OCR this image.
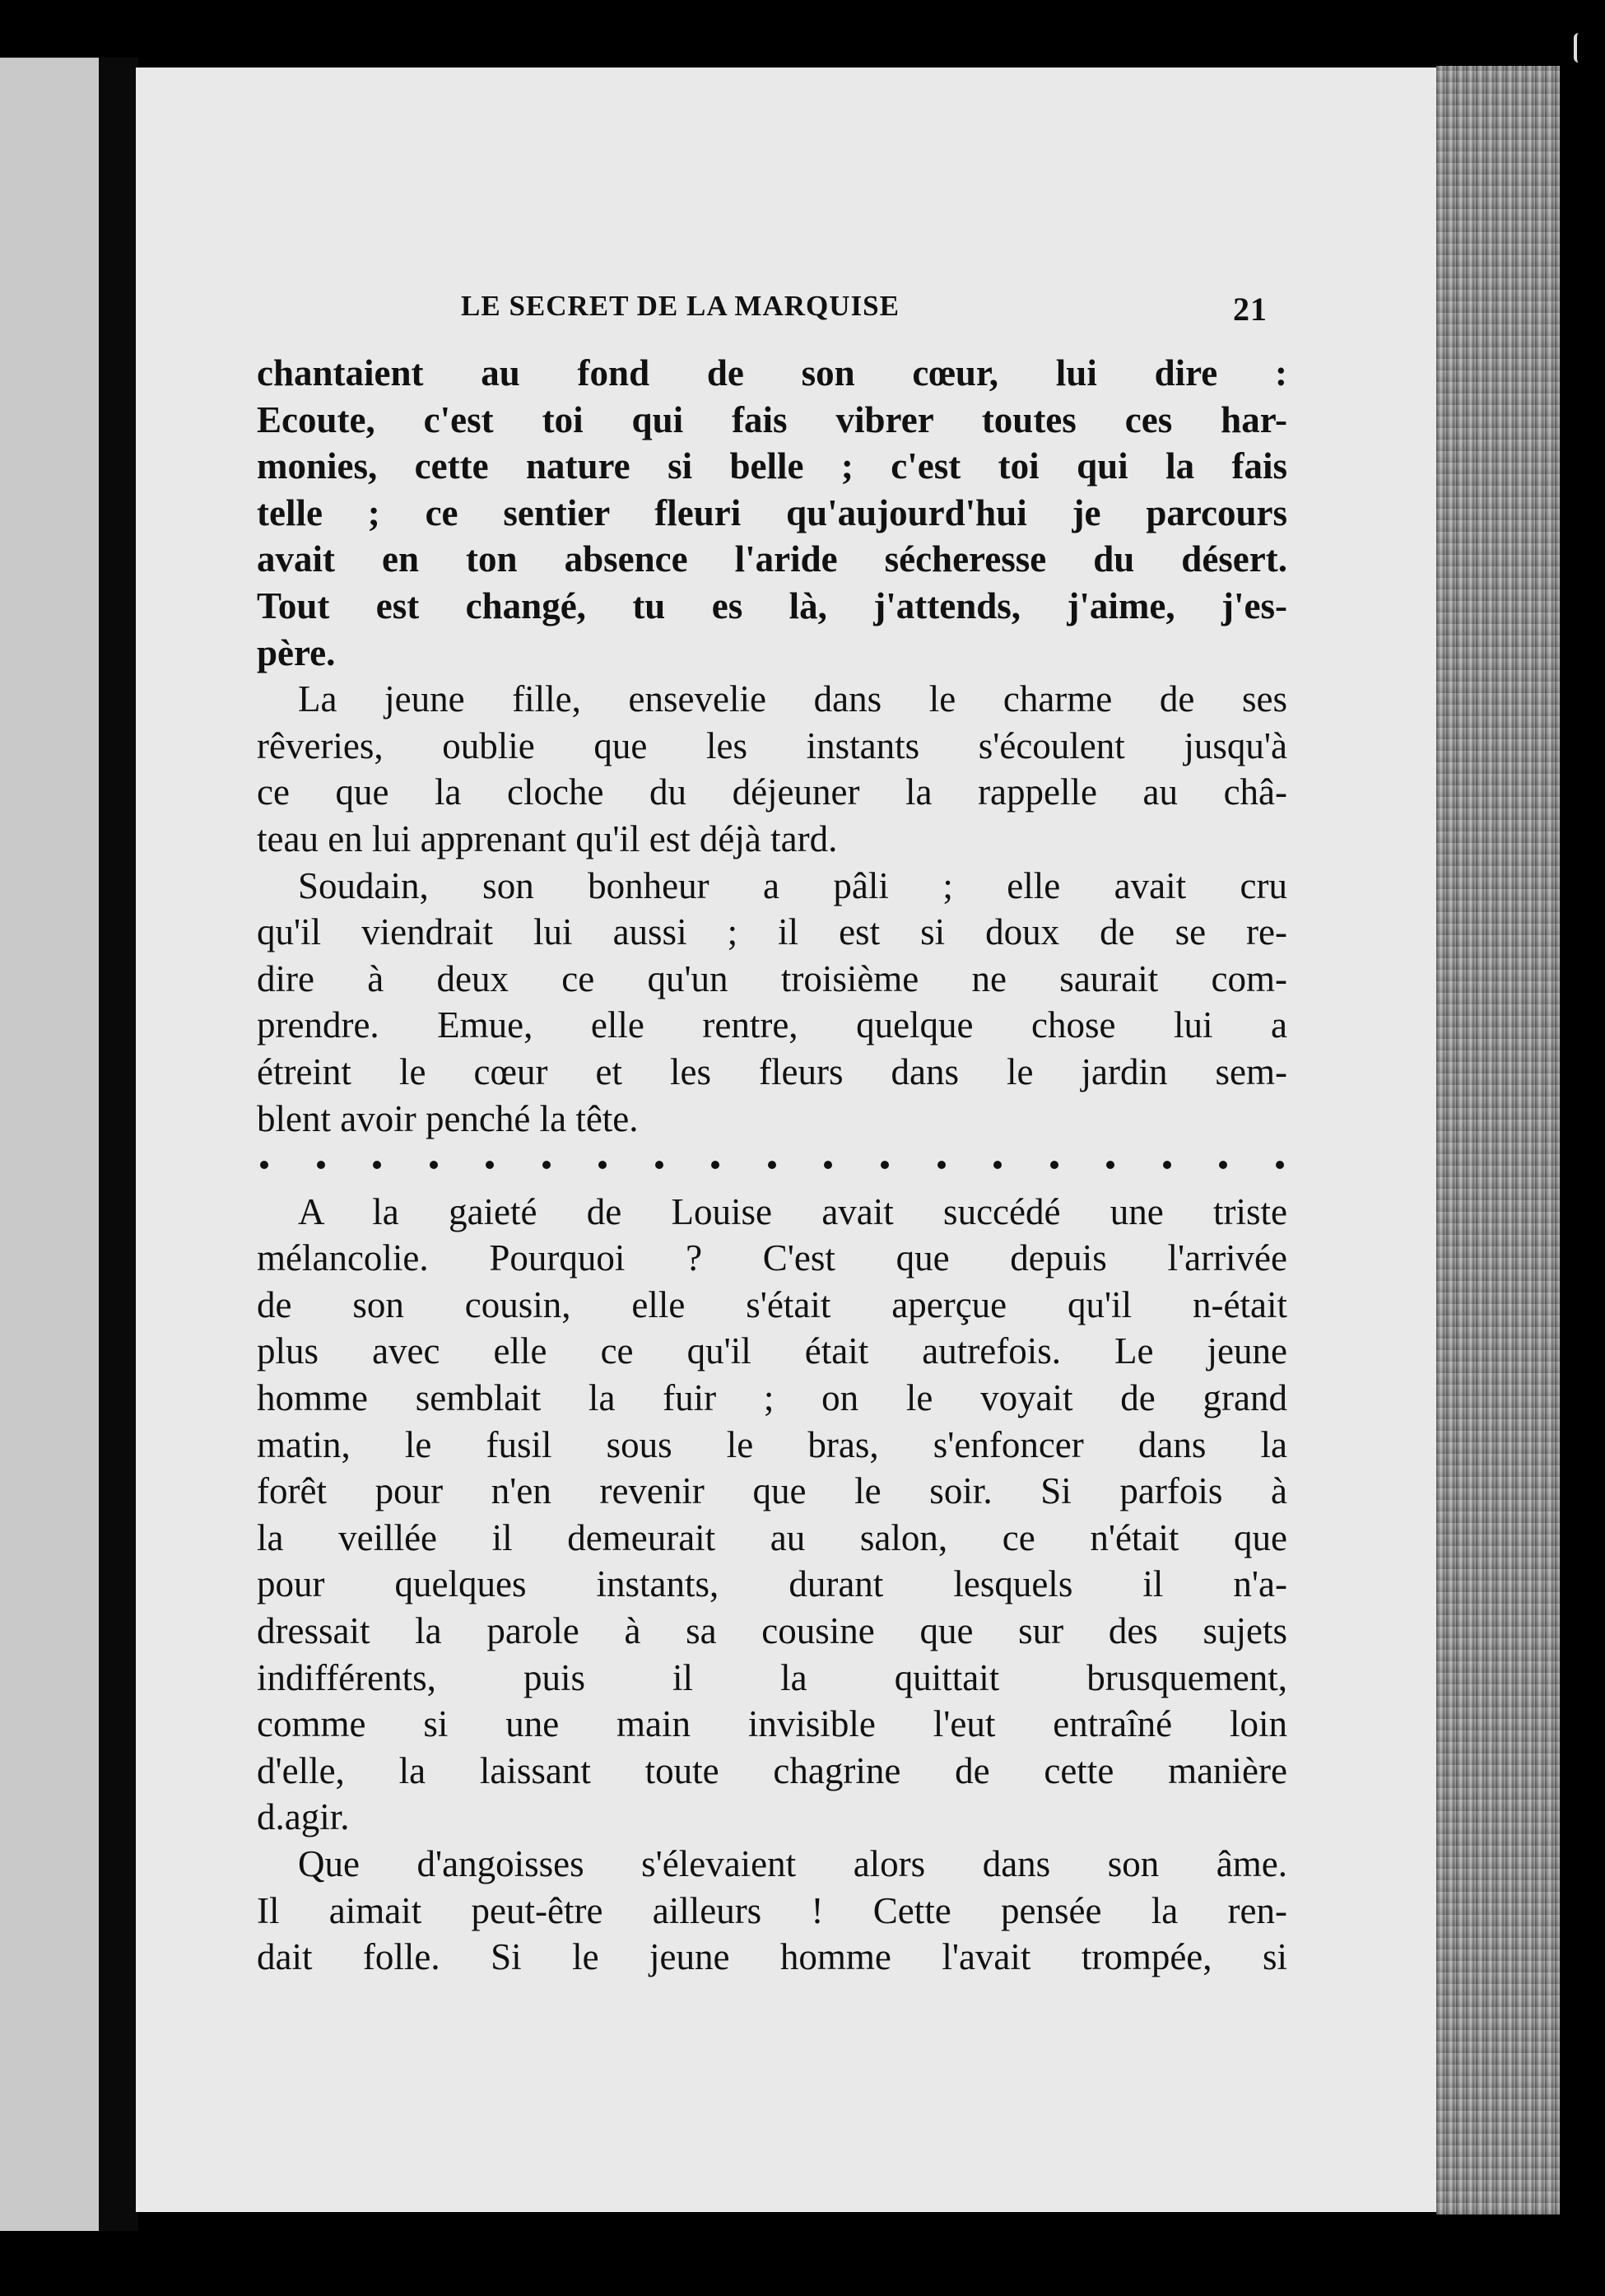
LE SECRET DE LA MARQUISE	21
chantaient au fond de son cœur, lui dire :
Ecoute, c'est toi qui fais vibrer toutes ces har-
monies, cette nature si belle ; c'est toi qui la fais
telle ; ce sentier fleuri qu'aujourd'hui je parcours
avait en ton absence l'aride sécheresse du désert.
Tout est changé, tu es là, j'attends, j'aime, j'es-
père.
La jeune fille, ensevelie dans le charme de ses
rêveries, oublie que les instants s'écoulent jusqu'à
ce que la cloche du déjeuner la rappelle au châ-
teau en lui apprenant qu'il est déjà tard.
Soudain, son bonheur a pâli ; elle avait cru
qu'il viendrait lui aussi ; il est si doux de se re-
dire à deux ce qu'un troisième ne saurait com-
prendre. Emue, elle rentre, quelque chose lui a
étreint le cœur et les fleurs dans le jardin sem-
blent avoir penché la tête.
A la gaieté de Louise avait succédé une triste
mélancolie. Pourquoi ? C'est que depuis l'arrivée
de son cousin, elle s'était aperçue qu'il n-était
plus avec elle ce qu'il était autrefois. Le jeune
homme semblait la fuir ; on le voyait de grand
matin, le fusil sous le bras, s'enfoncer dans la
forêt pour n'en revenir que le soir. Si parfois à
la veillée il demeurait au salon, ce n'était que
pour quelques instants, durant lesquels il n'a-
dressait la parole à sa cousine que sur des sujets
indifférents, puis il la quittait brusquement,
comme si une main invisible l'eut entraîné loin
d'elle, la laissant toute chagrine de cette manière
d.agir.
Que d'angoisses s'élevaient alors dans son âme.
Il aimait peut-être ailleurs ! Cette pensée la ren-
dait folle. Si le jeune homme l'avait trompée, si
